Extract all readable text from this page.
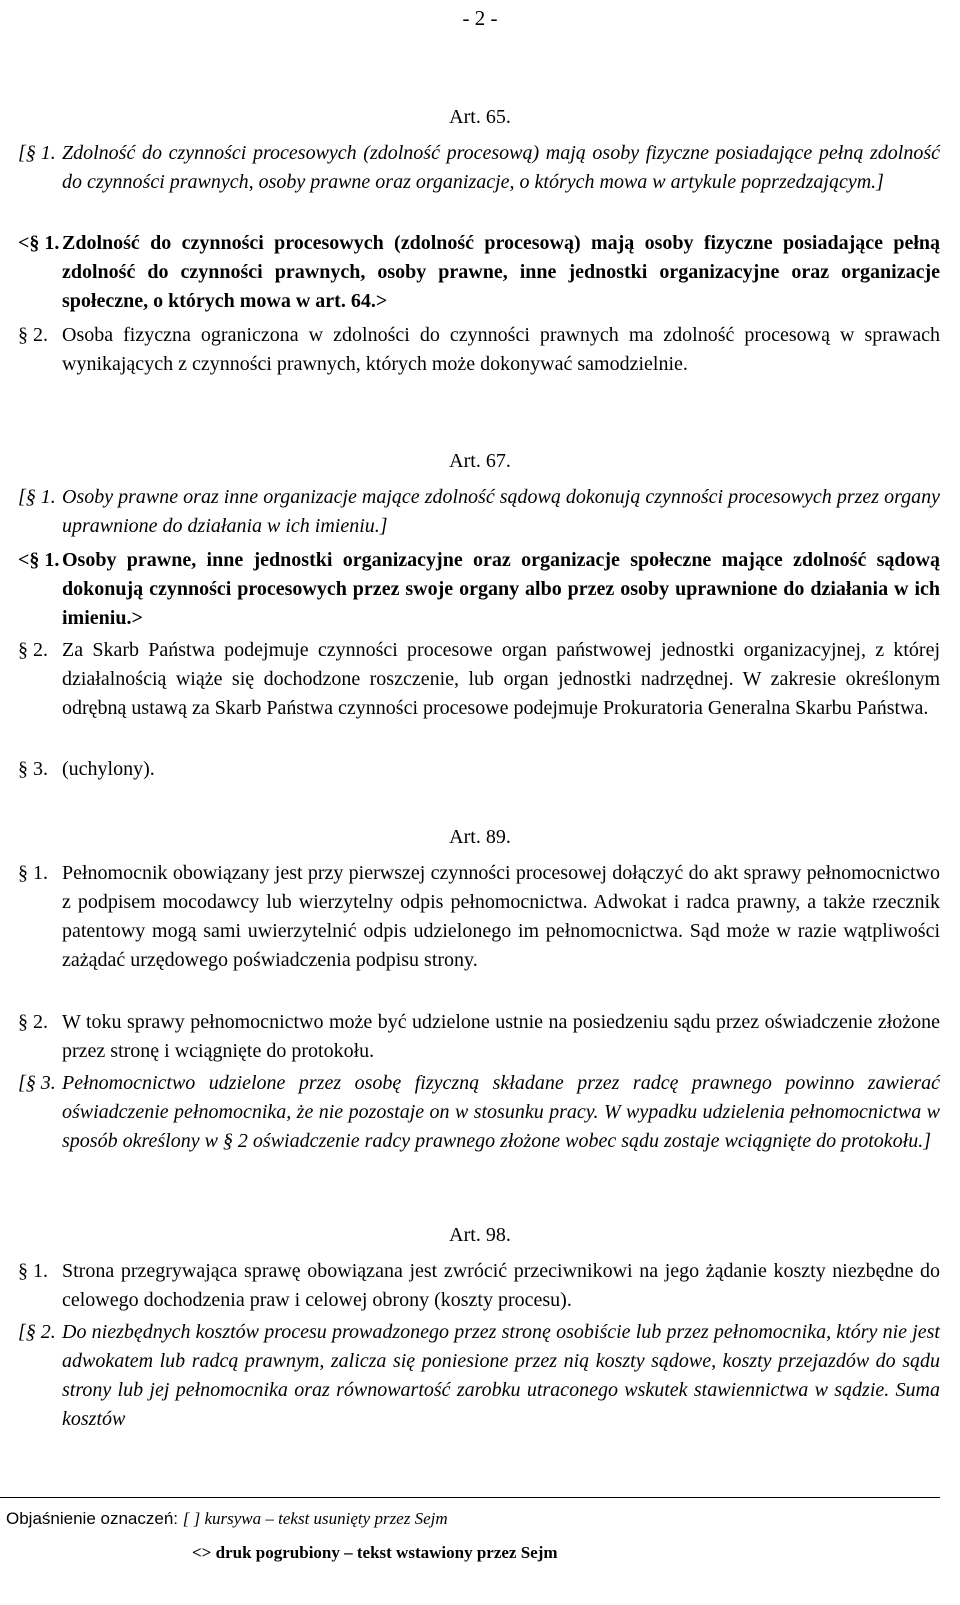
- 2 -
Art. 65.
[§ 1. Zdolność do czynności procesowych (zdolność procesową) mają osoby fizyczne posiadające pełną zdolność do czynności prawnych, osoby prawne oraz organizacje, o których mowa w artykule poprzedzającym.]
<§ 1. Zdolność do czynności procesowych (zdolność procesową) mają osoby fizyczne posiadające pełną zdolność do czynności prawnych, osoby prawne, inne jednostki organizacyjne oraz organizacje społeczne, o których mowa w art. 64.>
§ 2. Osoba fizyczna ograniczona w zdolności do czynności prawnych ma zdolność procesową w sprawach wynikających z czynności prawnych, których może dokonywać samodzielnie.
Art. 67.
[§ 1. Osoby prawne oraz inne organizacje mające zdolność sądową dokonują czynności procesowych przez organy uprawnione do działania w ich imieniu.]
<§ 1. Osoby prawne, inne jednostki organizacyjne oraz organizacje społeczne mające zdolność sądową dokonują czynności procesowych przez swoje organy albo przez osoby uprawnione do działania w ich imieniu.>
§ 2. Za Skarb Państwa podejmuje czynności procesowe organ państwowej jednostki organizacyjnej, z której działalnością wiąże się dochodzone roszczenie, lub organ jednostki nadrzędnej. W zakresie określonym odrębną ustawą za Skarb Państwa czynności procesowe podejmuje Prokuratoria Generalna Skarbu Państwa.
§ 3. (uchylony).
Art. 89.
§ 1. Pełnomocnik obowiązany jest przy pierwszej czynności procesowej dołączyć do akt sprawy pełnomocnictwo z podpisem mocodawcy lub wierzytelny odpis pełnomocnictwa. Adwokat i radca prawny, a także rzecznik patentowy mogą sami uwierzytelnić odpis udzielonego im pełnomocnictwa. Sąd może w razie wątpliwości zażądać urzędowego poświadczenia podpisu strony.
§ 2. W toku sprawy pełnomocnictwo może być udzielone ustnie na posiedzeniu sądu przez oświadczenie złożone przez stronę i wciągnięte do protokołu.
[§ 3. Pełnomocnictwo udzielone przez osobę fizyczną składane przez radcę prawnego powinno zawierać oświadczenie pełnomocnika, że nie pozostaje on w stosunku pracy. W wypadku udzielenia pełnomocnictwa w sposób określony w § 2 oświadczenie radcy prawnego złożone wobec sądu zostaje wciągnięte do protokołu.]
Art. 98.
§ 1. Strona przegrywająca sprawę obowiązana jest zwrócić przeciwnikowi na jego żądanie koszty niezbędne do celowego dochodzenia praw i celowej obrony (koszty procesu).
[§ 2. Do niezbędnych kosztów procesu prowadzonego przez stronę osobiście lub przez pełnomocnika, który nie jest adwokatem lub radcą prawnym, zalicza się poniesione przez nią koszty sądowe, koszty przejazdów do sądu strony lub jej pełnomocnika oraz równowartość zarobku utraconego wskutek stawiennictwa w sądzie. Suma kosztów
Objaśnienie oznaczeń: [ ] kursywa – tekst usunięty przez Sejm
<> druk pogrubiony – tekst wstawiony przez Sejm
